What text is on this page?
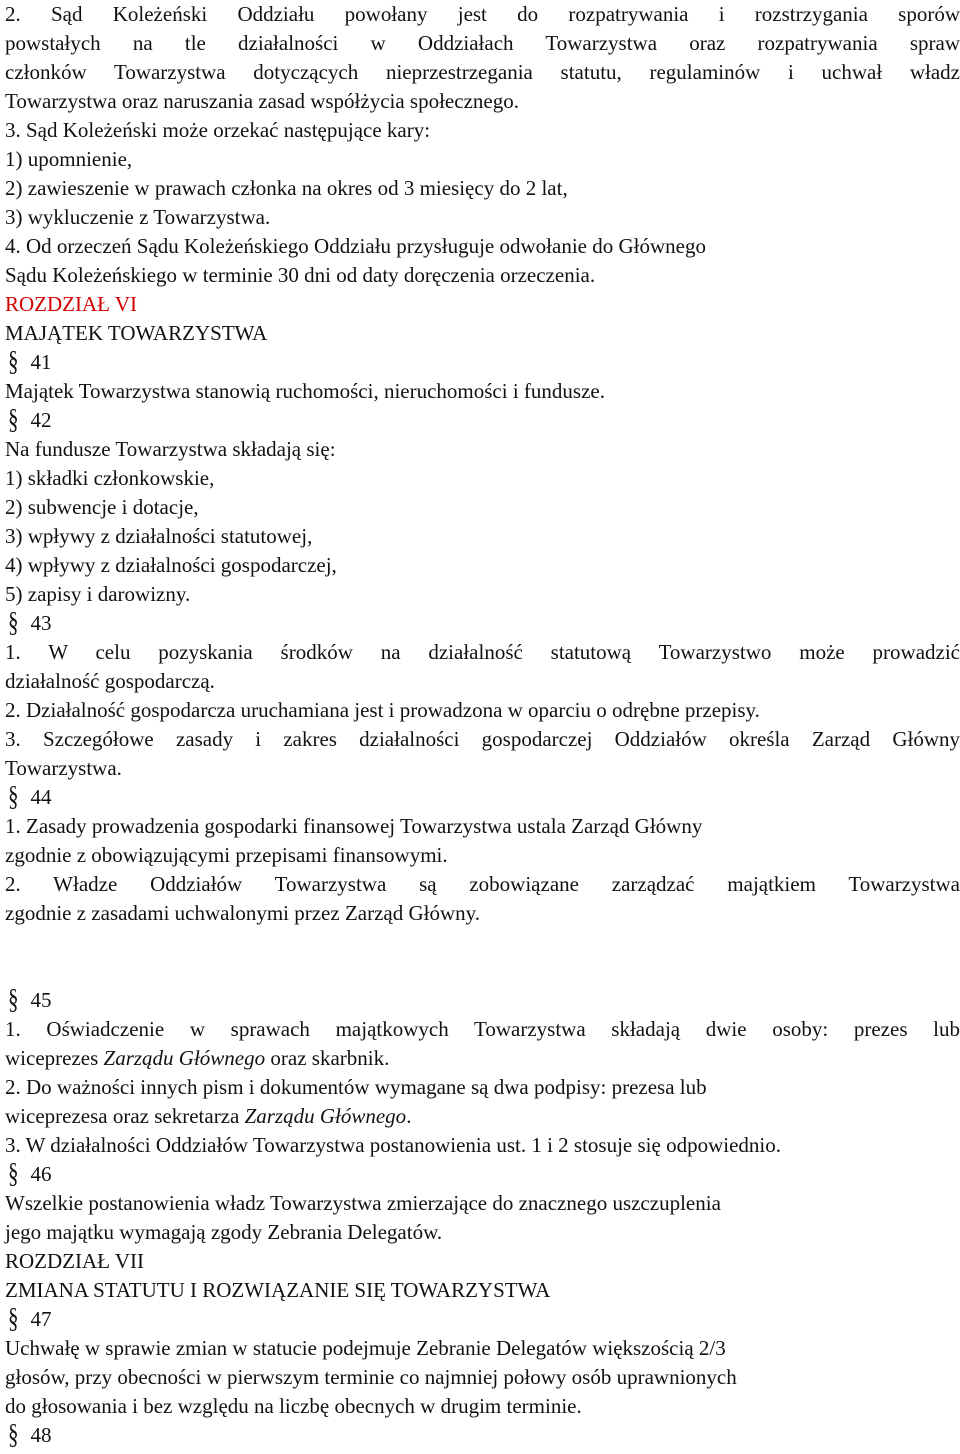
2. Sąd Koleżeński Oddziału powołany jest do rozpatrywania i rozstrzygania sporów
powstałych na tle działalności w Oddziałach Towarzystwa oraz rozpatrywania spraw
członków Towarzystwa dotyczących nieprzestrzegania statutu, regulaminów i uchwał władz
Towarzystwa oraz naruszania zasad współżycia społecznego.
3. Sąd Koleżeński może orzekać następujące kary:
1) upomnienie,
2) zawieszenie w prawach członka na okres od 3 miesięcy do 2 lat,
3) wykluczenie z Towarzystwa.
4. Od orzeczeń Sądu Koleżeńskiego Oddziału przysługuje odwołanie do Głównego
Sądu Koleżeńskiego w terminie 30 dni od daty doręczenia orzeczenia.
ROZDZIAŁ VI
MAJĄTEK TOWARZYSTWA
§ 41
Majątek Towarzystwa stanowią ruchomości, nieruchomości i fundusze.
§ 42
Na fundusze Towarzystwa składają się:
1) składki członkowskie,
2) subwencje i dotacje,
3) wpływy z działalności statutowej,
4) wpływy z działalności gospodarczej,
5) zapisy i darowizny.
§ 43
1. W celu pozyskania środków na działalność statutową Towarzystwo może prowadzić
działalność gospodarczą.
2. Działalność gospodarcza uruchamiana jest i prowadzona w oparciu o odrębne przepisy.
3. Szczegółowe zasady i zakres działalności gospodarczej Oddziałów określa Zarząd Główny
Towarzystwa.
§ 44
1. Zasady prowadzenia gospodarki finansowej Towarzystwa ustala Zarząd Główny
zgodnie z obowiązującymi przepisami finansowymi.
2. Władze Oddziałów Towarzystwa są zobowiązane zarządzać majątkiem Towarzystwa
zgodnie z zasadami uchwalonymi przez Zarząd Główny.
§ 45
1. Oświadczenie w sprawach majątkowych Towarzystwa składają dwie osoby: prezes lub
wiceprezes Zarządu Głównego oraz skarbnik.
2. Do ważności innych pism i dokumentów wymagane są dwa podpisy: prezesa lub
wiceprezesa oraz sekretarza Zarządu Głównego.
3. W działalności Oddziałów Towarzystwa postanowienia ust. 1 i 2 stosuje się odpowiednio.
§ 46
Wszelkie postanowienia władz Towarzystwa zmierzające do znacznego uszczuplenia
jego majątku wymagają zgody Zebrania Delegatów.
ROZDZIAŁ VII
ZMIANA STATUTU I ROZWIĄZANIE SIĘ TOWARZYSTWA
§ 47
Uchwałę w sprawie zmian w statucie podejmuje Zebranie Delegatów większością 2/3
głosów, przy obecności w pierwszym terminie co najmniej połowy osób uprawnionych
do głosowania i bez względu na liczbę obecnych w drugim terminie.
§ 48
